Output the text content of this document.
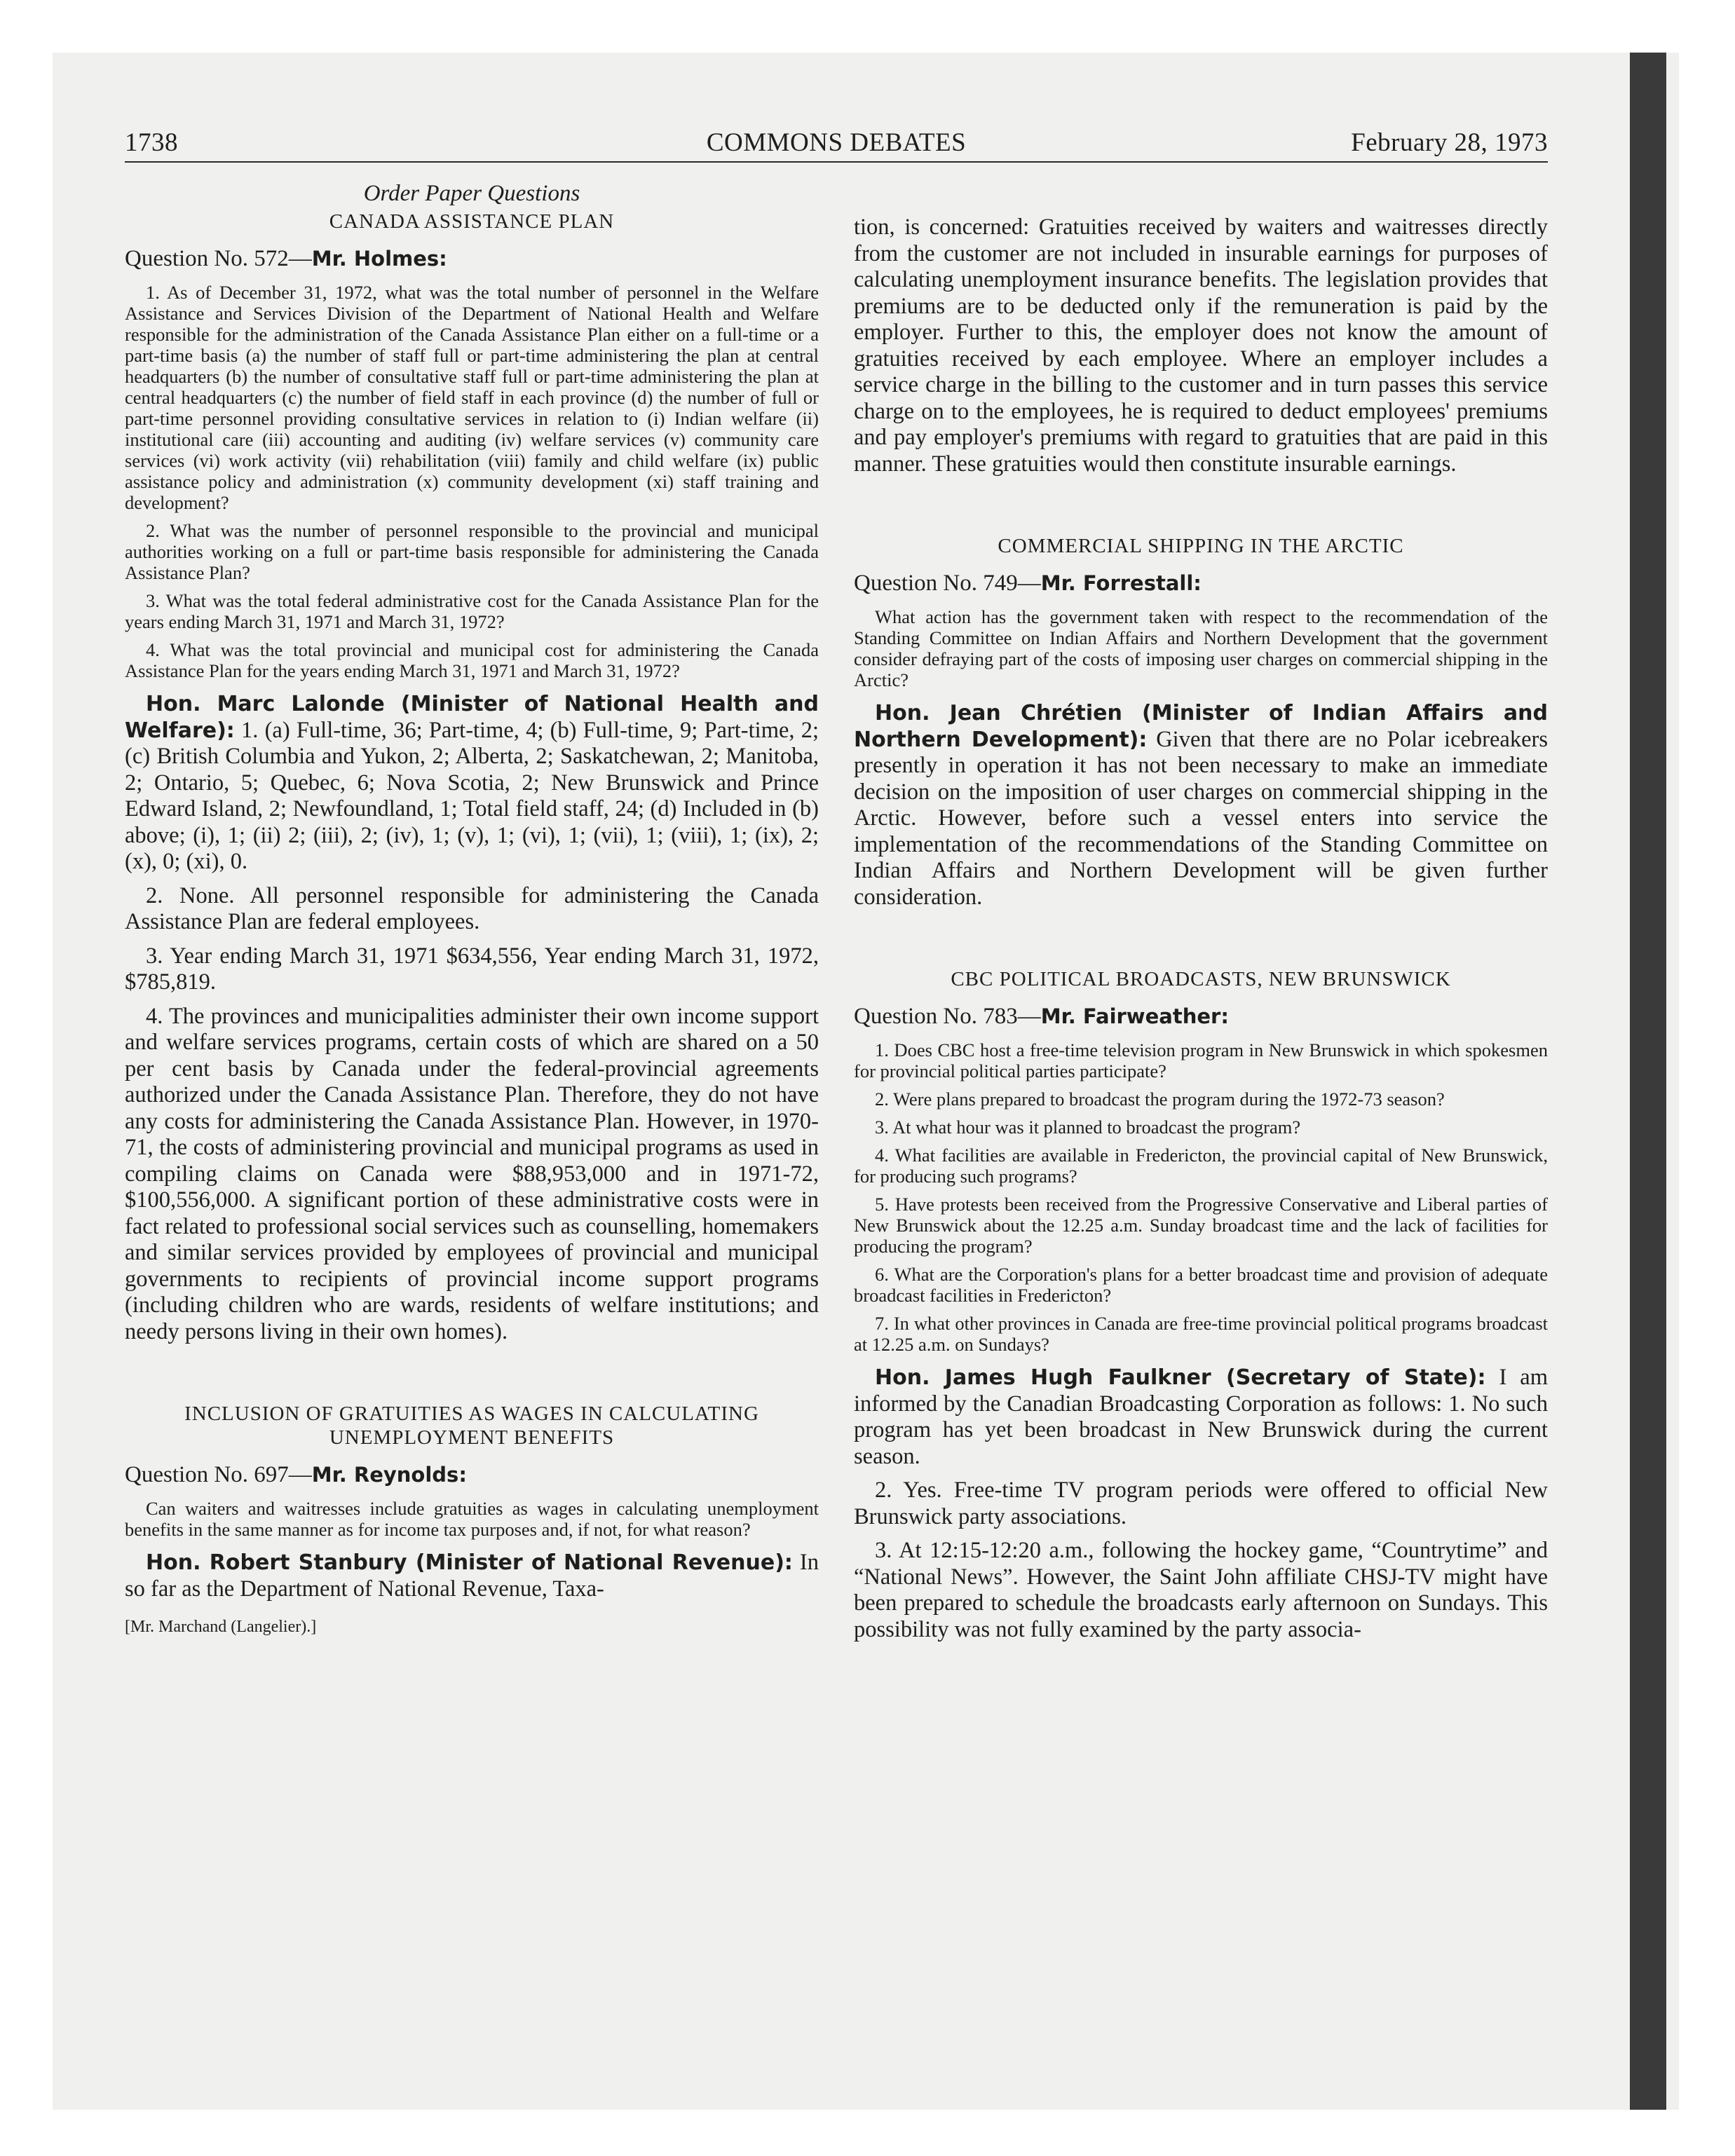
1738	COMMONS DEBATES	February 28, 1973
Order Paper Questions
CANADA ASSISTANCE PLAN
Question No. 572—Mr. Holmes:

1. As of December 31, 1972, what was the total number of personnel in the Welfare Assistance and Services Division of the Department of National Health and Welfare responsible for the administration of the Canada Assistance Plan either on a full-time or a part-time basis (a) the number of staff full or part-time administering the plan at central headquarters (b) the number of consultative staff full or part-time administering the plan at central headquarters (c) the number of field staff in each province (d) the number of full or part-time personnel providing consultative services in relation to (i) Indian welfare (ii) institutional care (iii) accounting and auditing (iv) welfare services (v) community care services (vi) work activity (vii) rehabilitation (viii) family and child welfare (ix) public assistance policy and administration (x) community development (xi) staff training and development?

2. What was the number of personnel responsible to the provincial and municipal authorities working on a full or part-time basis responsible for administering the Canada Assistance Plan?

3. What was the total federal administrative cost for the Canada Assistance Plan for the years ending March 31, 1971 and March 31, 1972?

4. What was the total provincial and municipal cost for administering the Canada Assistance Plan for the years ending March 31, 1971 and March 31, 1972?

Hon. Marc Lalonde (Minister of National Health and Welfare): 1. (a) Full-time, 36; Part-time, 4; (b) Full-time, 9; Part-time, 2; (c) British Columbia and Yukon, 2; Alberta, 2; Saskatchewan, 2; Manitoba, 2; Ontario, 5; Quebec, 6; Nova Scotia, 2; New Brunswick and Prince Edward Island, 2; Newfoundland, 1; Total field staff, 24; (d) Included in (b) above; (i), 1; (ii) 2; (iii), 2; (iv), 1; (v), 1; (vi), 1; (vii), 1; (viii), 1; (ix), 2; (x), 0; (xi), 0.

2. None. All personnel responsible for administering the Canada Assistance Plan are federal employees.

3. Year ending March 31, 1971 $634,556, Year ending March 31, 1972, $785,819.

4. The provinces and municipalities administer their own income support and welfare services programs, certain costs of which are shared on a 50 per cent basis by Canada under the federal-provincial agreements authorized under the Canada Assistance Plan. Therefore, they do not have any costs for administering the Canada Assistance Plan. However, in 1970-71, the costs of administering provincial and municipal programs as used in compiling claims on Canada were $88,953,000 and in 1971-72, $100,556,000. A significant portion of these administrative costs were in fact related to professional social services such as counselling, homemakers and similar services provided by employees of provincial and municipal governments to recipients of provincial income support programs (including children who are wards, residents of welfare institutions; and needy persons living in their own homes).

INCLUSION OF GRATUITIES AS WAGES IN CALCULATING UNEMPLOYMENT BENEFITS
Question No. 697—Mr. Reynolds:

Can waiters and waitresses include gratuities as wages in calculating unemployment benefits in the same manner as for income tax purposes and, if not, for what reason?

Hon. Robert Stanbury (Minister of National Revenue): In so far as the Department of National Revenue, Taxa-

[Mr. Marchand (Langelier).]

tion, is concerned: Gratuities received by waiters and waitresses directly from the customer are not included in insurable earnings for purposes of calculating unemployment insurance benefits. The legislation provides that premiums are to be deducted only if the remuneration is paid by the employer. Further to this, the employer does not know the amount of gratuities received by each employee. Where an employer includes a service charge in the billing to the customer and in turn passes this service charge on to the employees, he is required to deduct employees' premiums and pay employer's premiums with regard to gratuities that are paid in this manner. These gratuities would then constitute insurable earnings.

COMMERCIAL SHIPPING IN THE ARCTIC
Question No. 749—Mr. Forrestall:

What action has the government taken with respect to the recommendation of the Standing Committee on Indian Affairs and Northern Development that the government consider defraying part of the costs of imposing user charges on commercial shipping in the Arctic?

Hon. Jean Chrétien (Minister of Indian Affairs and Northern Development): Given that there are no Polar icebreakers presently in operation it has not been necessary to make an immediate decision on the imposition of user charges on commercial shipping in the Arctic. However, before such a vessel enters into service the implementation of the recommendations of the Standing Committee on Indian Affairs and Northern Development will be given further consideration.

CBC POLITICAL BROADCASTS, NEW BRUNSWICK
Question No. 783—Mr. Fairweather:

1. Does CBC host a free-time television program in New Brunswick in which spokesmen for provincial political parties participate?

2. Were plans prepared to broadcast the program during the 1972-73 season?

3. At what hour was it planned to broadcast the program?

4. What facilities are available in Fredericton, the provincial capital of New Brunswick, for producing such programs?

5. Have protests been received from the Progressive Conservative and Liberal parties of New Brunswick about the 12.25 a.m. Sunday broadcast time and the lack of facilities for producing the program?

6. What are the Corporation's plans for a better broadcast time and provision of adequate broadcast facilities in Fredericton?

7. In what other provinces in Canada are free-time provincial political programs broadcast at 12.25 a.m. on Sundays?

Hon. James Hugh Faulkner (Secretary of State): I am informed by the Canadian Broadcasting Corporation as follows: 1. No such program has yet been broadcast in New Brunswick during the current season.

2. Yes. Free-time TV program periods were offered to official New Brunswick party associations.

3. At 12:15-12:20 a.m., following the hockey game, “Countrytime” and “National News”. However, the Saint John affiliate CHSJ-TV might have been prepared to schedule the broadcasts early afternoon on Sundays. This possibility was not fully examined by the party associa-
